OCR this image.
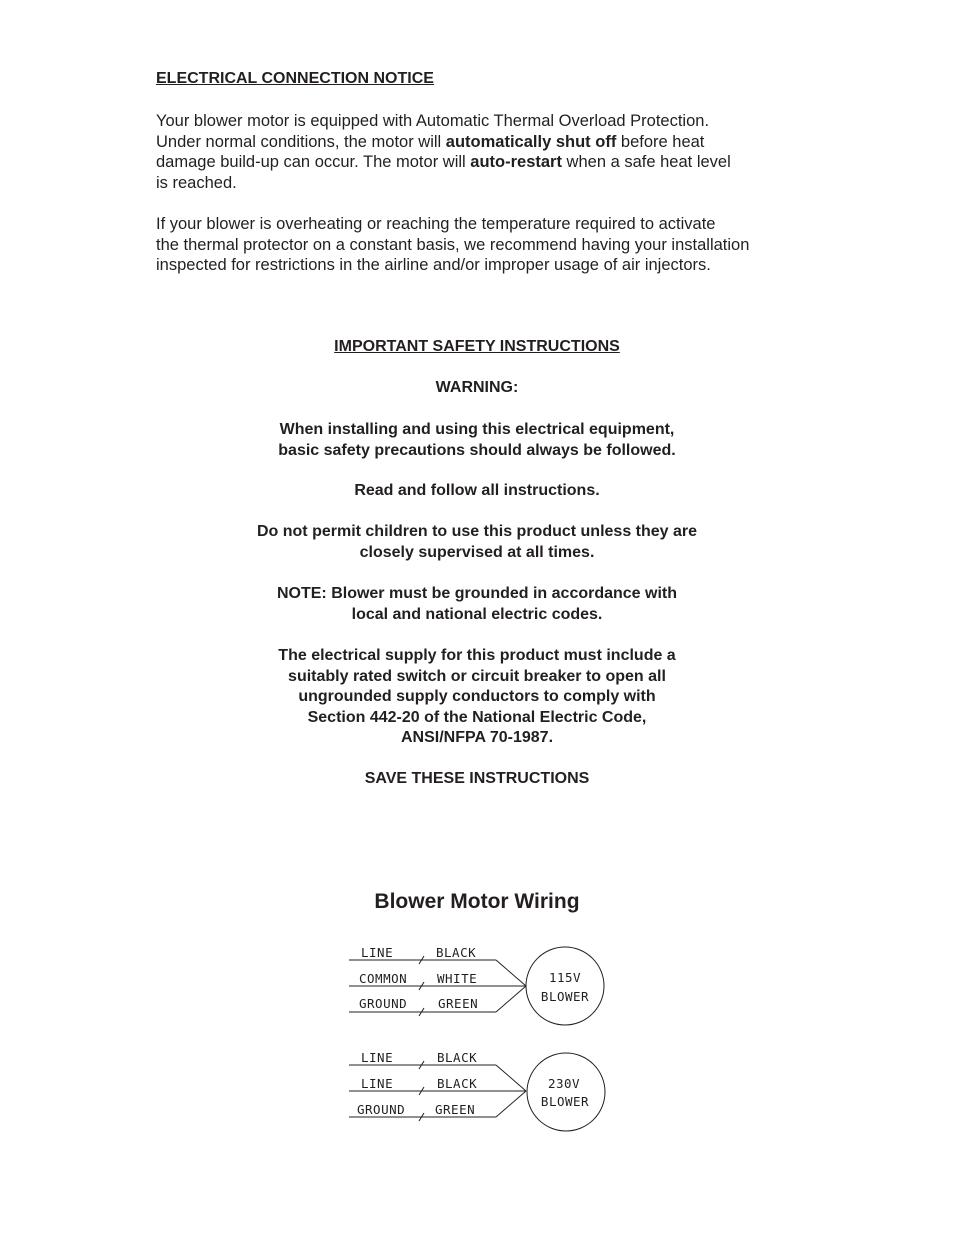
ELECTRICAL CONNECTION NOTICE

Your blower motor is equipped with Automatic Thermal Overload Protection.
Under normal conditions, the motor will automatically shut off before heat
damage build-up can occur. The motor will auto-restart when a safe heat level
is reached.

If your blower is overheating or reaching the temperature required to activate
the thermal protector on a constant basis, we recommend having your installation
inspected for restrictions in the airline and/or improper usage of air injectors.

IMPORTANT SAFETY INSTRUCTIONS

WARNING:

When installing and using this electrical equipment,
basic safety precautions should always be followed.

Read and follow all instructions.

Do not permit children to use this product unless they are
closely supervised at all times.

NOTE: Blower must be grounded in accordance with
local and national electric codes.

The electrical supply for this product must include a
suitably rated switch or circuit breaker to open all
ungrounded supply conductors to comply with
Section 442-20 of the National Electric Code,
ANSI/NFPA 70-1987.

SAVE THESE INSTRUCTIONS

Blower Motor Wiring
LINE	BLACK
COMMON WHITE
GROUND GREEN
115V
BLOWER
LINE	BLACK
LINE	BLACK
GROUND GREEN
230V
BLOWER
